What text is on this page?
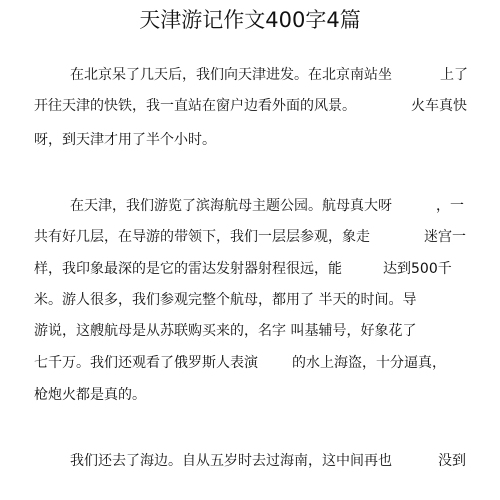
天津游记作文400字4篇
在北京呆了几天后，我们向天津进发。在北京南站坐	上了
开往天津的快铁，我一直站在窗户边看外面的风景。	火车真快
呀，到天津才用了半个小时。
在天津，我们游览了滨海航母主题公园。航母真大呀	，一
共有好几层，在导游的带领下，我们一层层参观，象走	迷宫一
样，我印象最深的是它的雷达发射器射程很远，能	达到500千
米。游人很多，我们参观完整个航母，都用了 半天的时间。导
游说，这艘航母是从苏联购买来的，名字 叫基辅号，好象花了
七千万。我们还观看了俄罗斯人表演 的水上海盗，十分逼真，
枪炮火都是真的。
我们还去了海边。自从五岁时去过海南，这中间再也	没到
